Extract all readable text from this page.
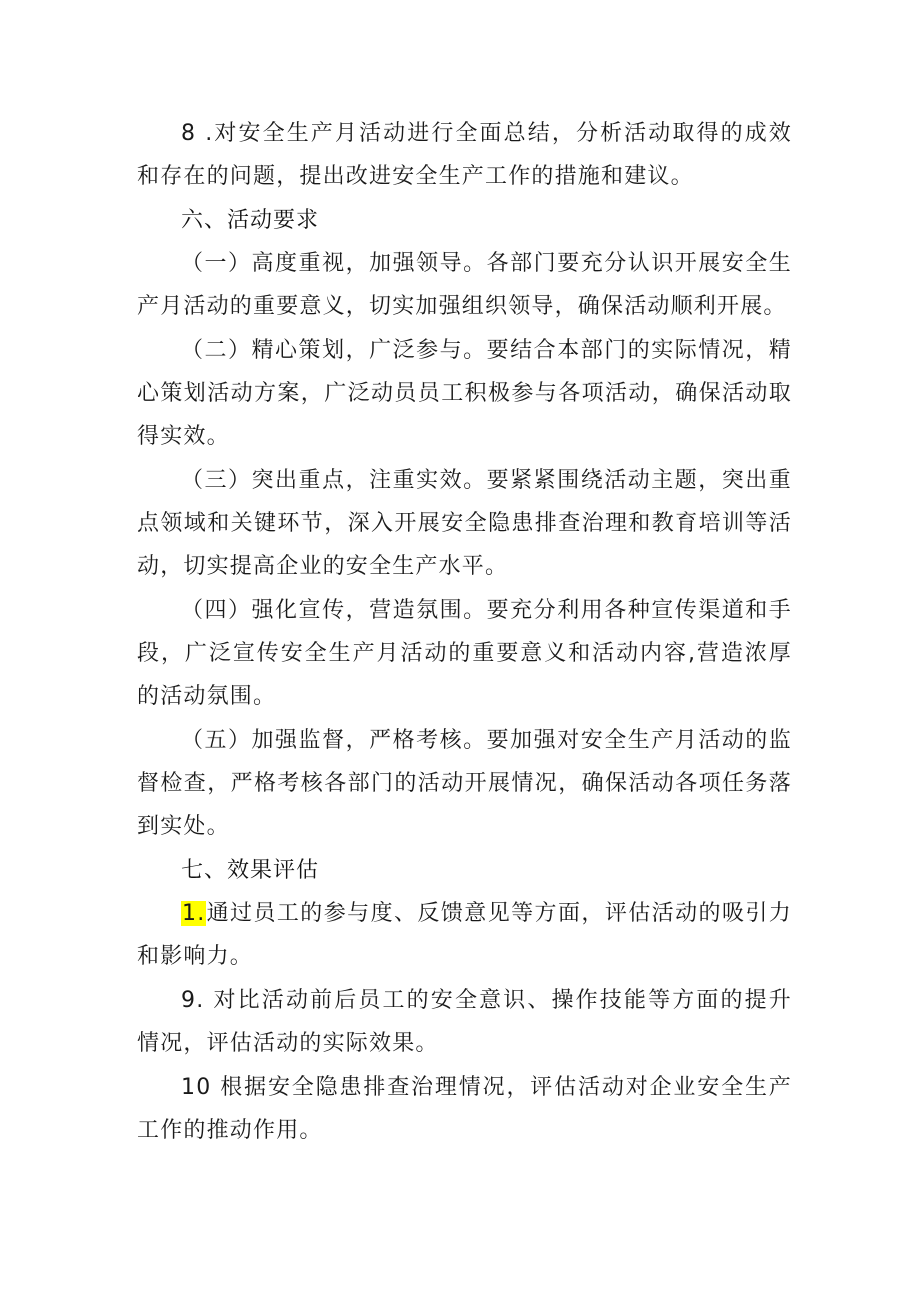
8 .对安全生产月活动进行全面总结，分析活动取得的成效和存在的问题，提出改进安全生产工作的措施和建议。

六、活动要求

（一）高度重视，加强领导。各部门要充分认识开展安全生产月活动的重要意义，切实加强组织领导，确保活动顺利开展。

（二）精心策划，广泛参与。要结合本部门的实际情况，精心策划活动方案，广泛动员员工积极参与各项活动，确保活动取得实效。

（三）突出重点，注重实效。要紧紧围绕活动主题，突出重点领域和关键环节，深入开展安全隐患排查治理和教育培训等活动，切实提高企业的安全生产水平。

（四）强化宣传，营造氛围。要充分利用各种宣传渠道和手段，广泛宣传安全生产月活动的重要意义和活动内容,营造浓厚的活动氛围。

（五）加强监督，严格考核。要加强对安全生产月活动的监督检查，严格考核各部门的活动开展情况，确保活动各项任务落到实处。

七、效果评估

1.通过员工的参与度、反馈意见等方面，评估活动的吸引力和影响力。

9. 对比活动前后员工的安全意识、操作技能等方面的提升情况，评估活动的实际效果。

10 根据安全隐患排查治理情况，评估活动对企业安全生产工作的推动作用。
